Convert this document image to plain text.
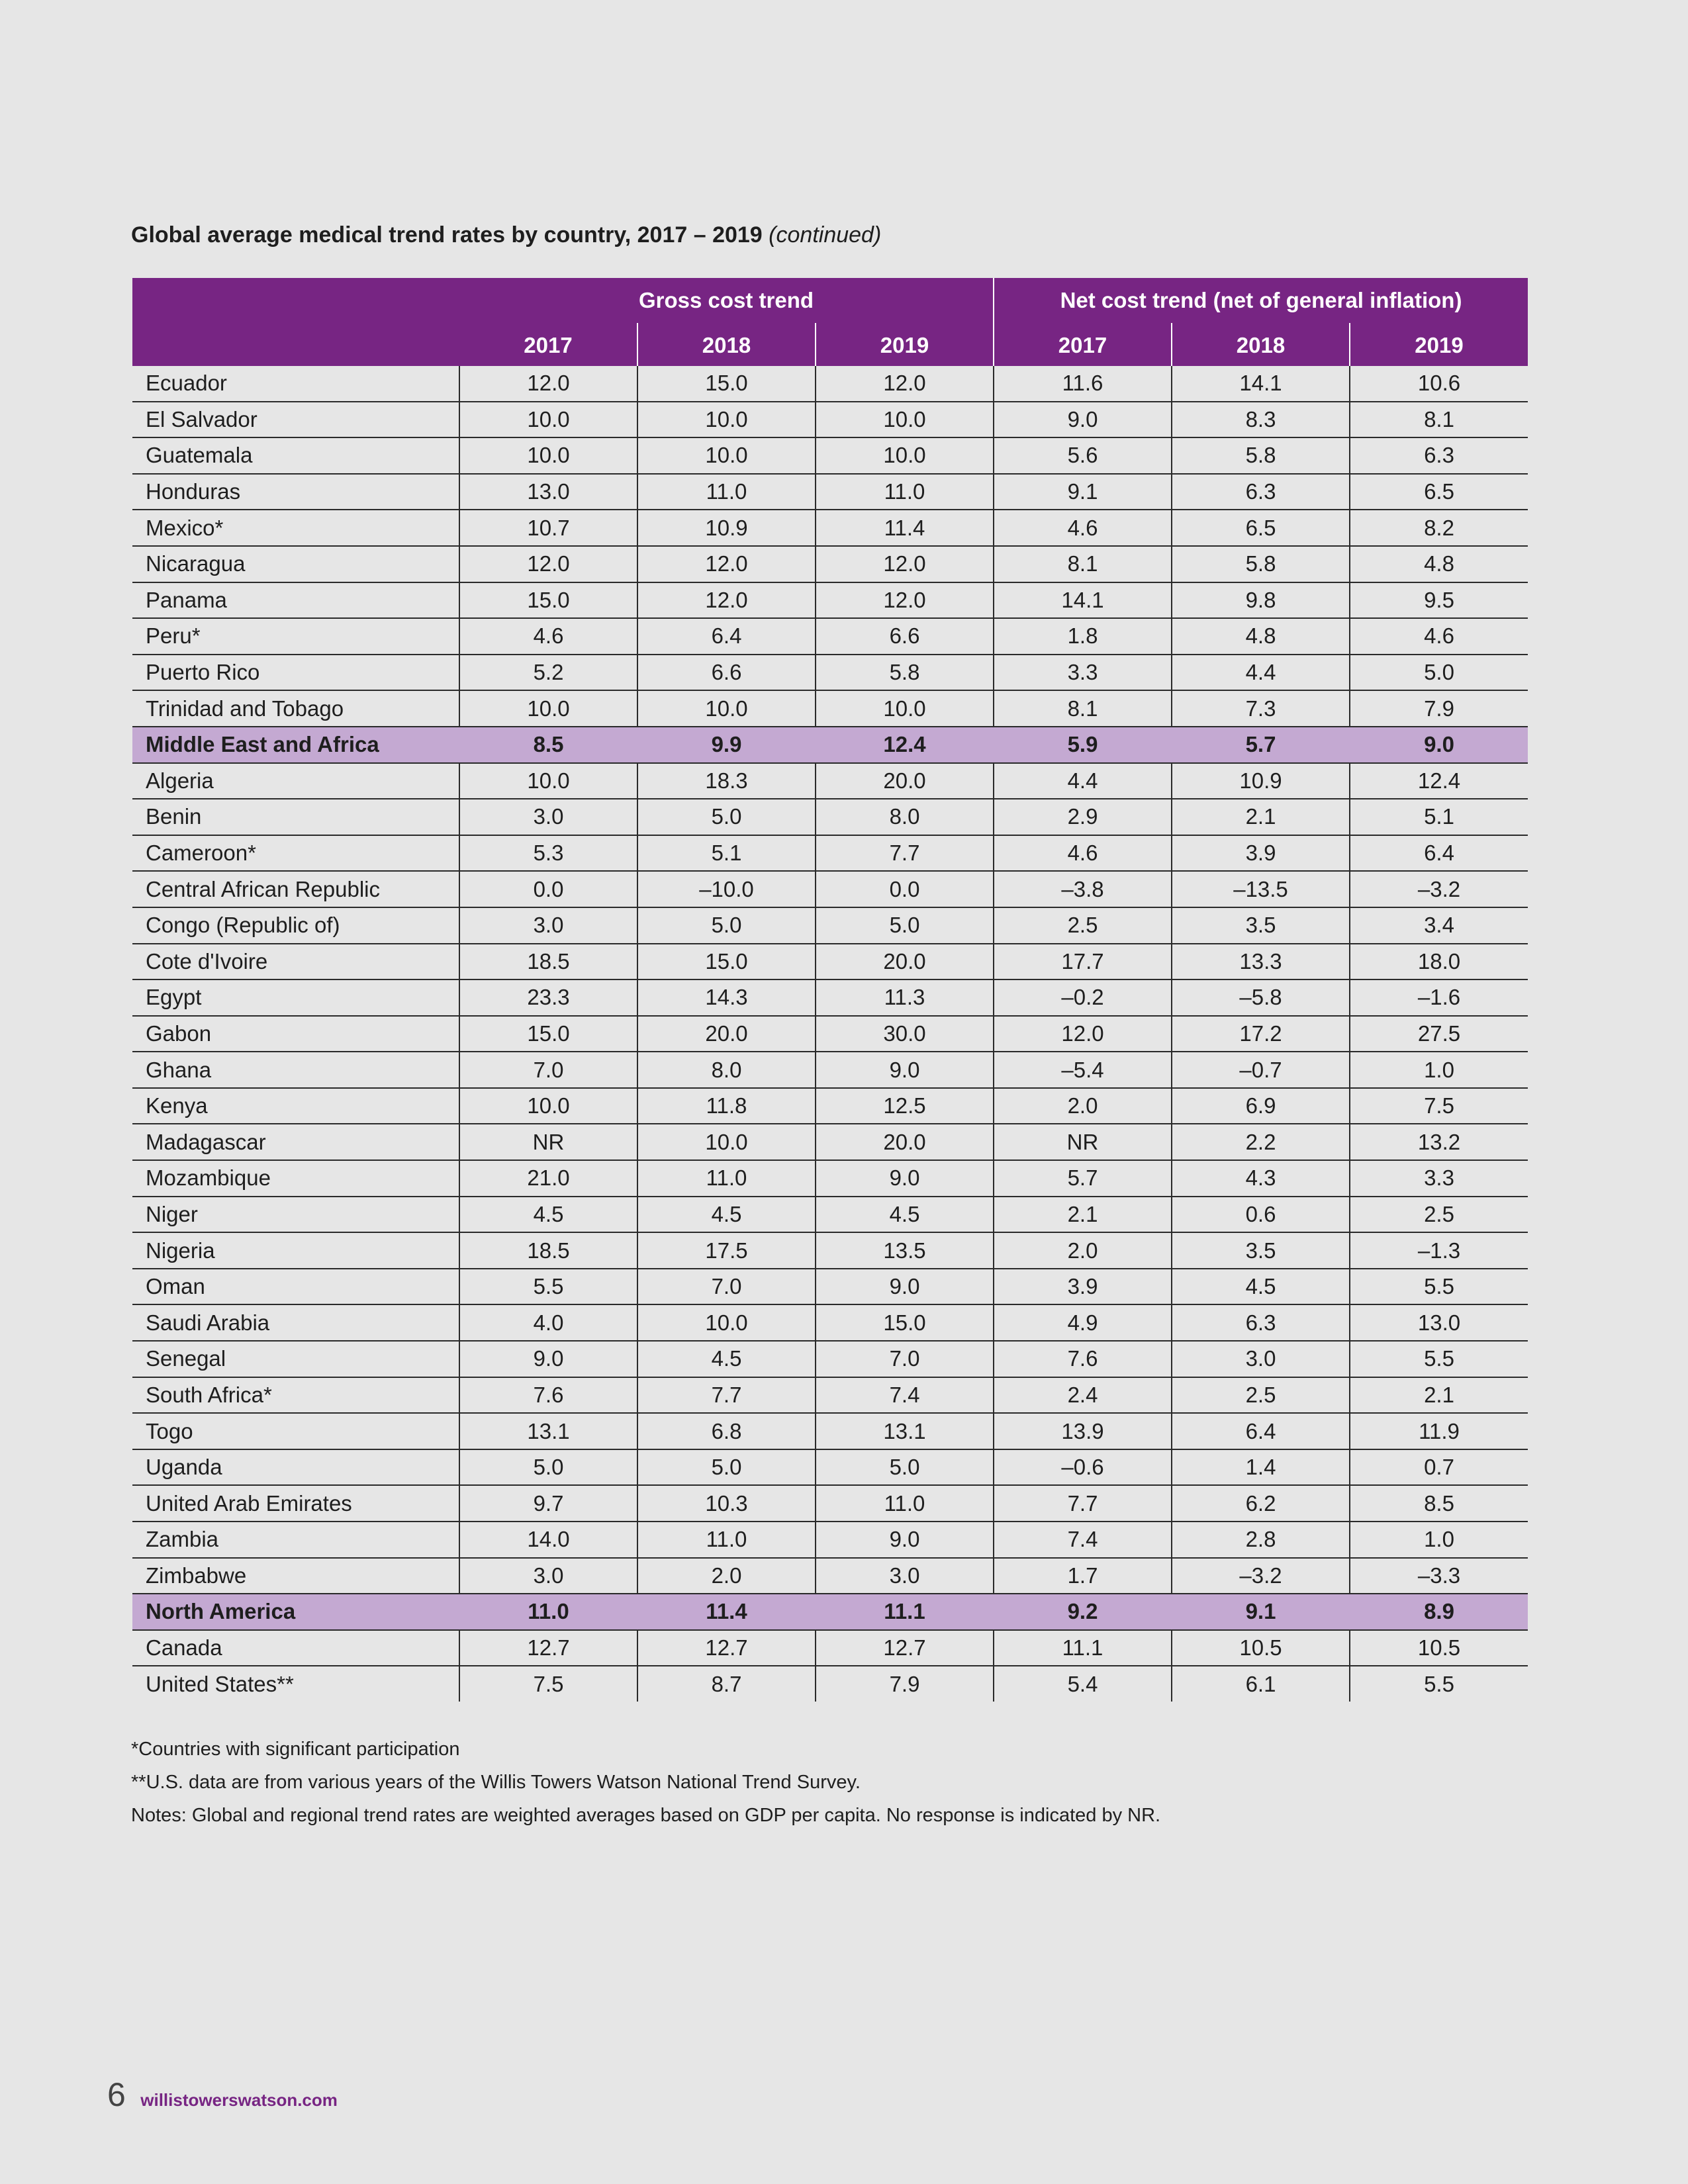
Global average medical trend rates by country, 2017 – 2019 (continued)
	Gross cost trend			Net cost trend (net of general inflation)		
	2017	2018	2019	2017	2018	2019
Ecuador	12.0	15.0	12.0	11.6	14.1	10.6
El Salvador	10.0	10.0	10.0	9.0	8.3	8.1
Guatemala	10.0	10.0	10.0	5.6	5.8	6.3
Honduras	13.0	11.0	11.0	9.1	6.3	6.5
Mexico*	10.7	10.9	11.4	4.6	6.5	8.2
Nicaragua	12.0	12.0	12.0	8.1	5.8	4.8
Panama	15.0	12.0	12.0	14.1	9.8	9.5
Peru*	4.6	6.4	6.6	1.8	4.8	4.6
Puerto Rico	5.2	6.6	5.8	3.3	4.4	5.0
Trinidad and Tobago	10.0	10.0	10.0	8.1	7.3	7.9
Middle East and Africa	8.5	9.9	12.4	5.9	5.7	9.0
Algeria	10.0	18.3	20.0	4.4	10.9	12.4
Benin	3.0	5.0	8.0	2.9	2.1	5.1
Cameroon*	5.3	5.1	7.7	4.6	3.9	6.4
Central African Republic	0.0	–10.0	0.0	–3.8	–13.5	–3.2
Congo (Republic of)	3.0	5.0	5.0	2.5	3.5	3.4
Cote d'Ivoire	18.5	15.0	20.0	17.7	13.3	18.0
Egypt	23.3	14.3	11.3	–0.2	–5.8	–1.6
Gabon	15.0	20.0	30.0	12.0	17.2	27.5
Ghana	7.0	8.0	9.0	–5.4	–0.7	1.0
Kenya	10.0	11.8	12.5	2.0	6.9	7.5
Madagascar	NR	10.0	20.0	NR	2.2	13.2
Mozambique	21.0	11.0	9.0	5.7	4.3	3.3
Niger	4.5	4.5	4.5	2.1	0.6	2.5
Nigeria	18.5	17.5	13.5	2.0	3.5	–1.3
Oman	5.5	7.0	9.0	3.9	4.5	5.5
Saudi Arabia	4.0	10.0	15.0	4.9	6.3	13.0
Senegal	9.0	4.5	7.0	7.6	3.0	5.5
South Africa*	7.6	7.7	7.4	2.4	2.5	2.1
Togo	13.1	6.8	13.1	13.9	6.4	11.9
Uganda	5.0	5.0	5.0	–0.6	1.4	0.7
United Arab Emirates	9.7	10.3	11.0	7.7	6.2	8.5
Zambia	14.0	11.0	9.0	7.4	2.8	1.0
Zimbabwe	3.0	2.0	3.0	1.7	–3.2	–3.3
North America	11.0	11.4	11.1	9.2	9.1	8.9
Canada	12.7	12.7	12.7	11.1	10.5	10.5
United States**	7.5	8.7	7.9	5.4	6.1	5.5
*Countries with significant participation
**U.S. data are from various years of the Willis Towers Watson National Trend Survey.
Notes: Global and regional trend rates are weighted averages based on GDP per capita. No response is indicated by NR.
6 willistowerswatson.com
